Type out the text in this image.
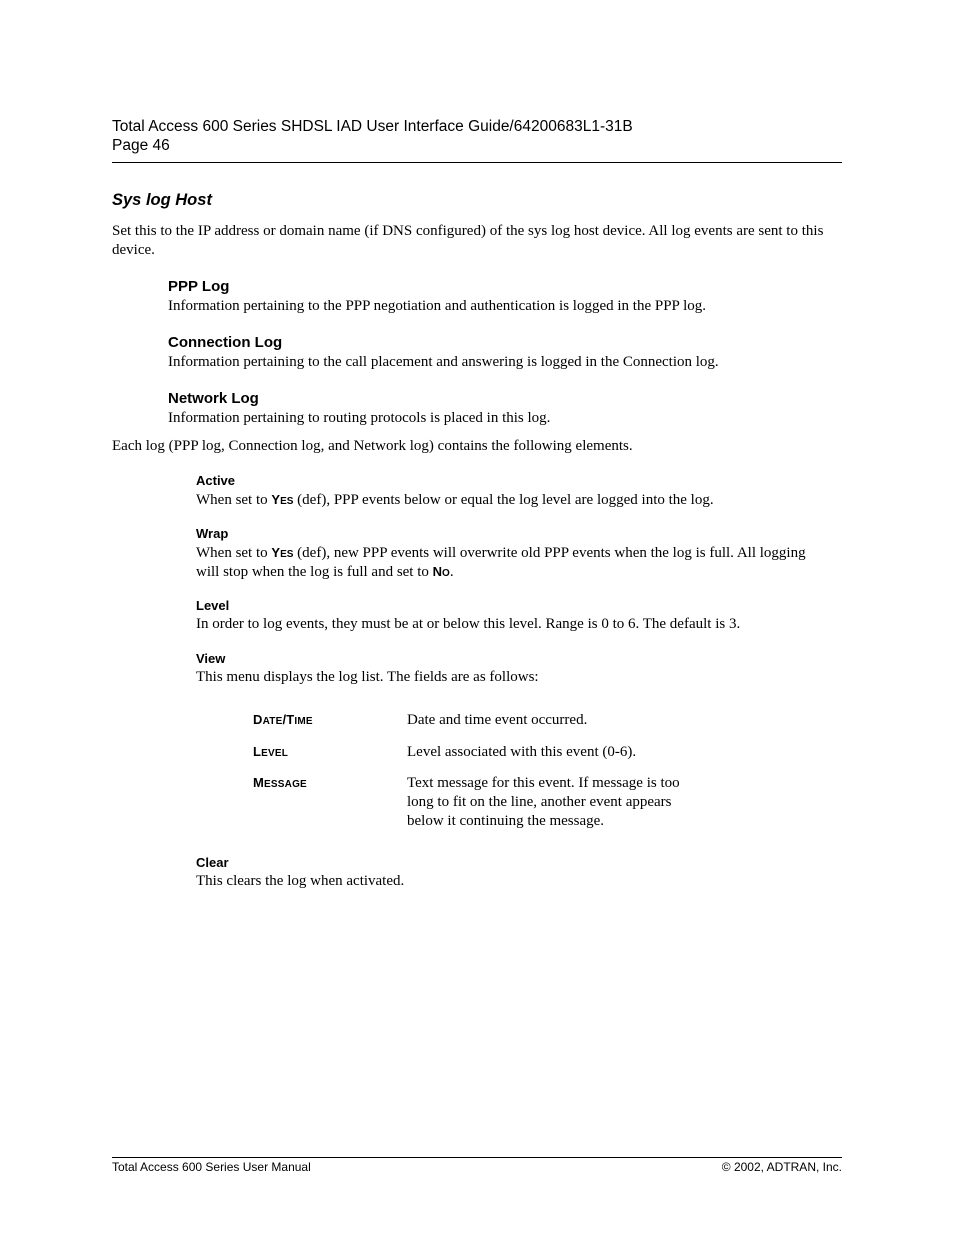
Total Access 600 Series SHDSL IAD User Interface Guide/64200683L1-31B
Page 46
Sys log Host
Set this to the IP address or domain name (if DNS configured) of the sys log host device. All log events are sent to this device.
PPP Log
Information pertaining to the PPP negotiation and authentication is logged in the PPP log.
Connection Log
Information pertaining to the call placement and answering is logged in the Connection log.
Network Log
Information pertaining to routing protocols is placed in this log.
Each log (PPP log, Connection log, and Network log) contains the following elements.
Active
When set to YES (def), PPP events below or equal the log level are logged into the log.
Wrap
When set to YES (def), new PPP events will overwrite old PPP events when the log is full. All logging
will stop when the log is full and set to NO.
Level
In order to log events, they must be at or below this level. Range is 0 to 6. The default is 3.
View
This menu displays the log list. The fields are as follows:
DATE/TIME	Date and time event occurred.
LEVEL	Level associated with this event (0-6).
MESSAGE	Text message for this event. If message is too
long to fit on the line, another event appears
below it continuing the message.
Clear
This clears the log when activated.
Total Access 600 Series User Manual	© 2002, ADTRAN, Inc.
